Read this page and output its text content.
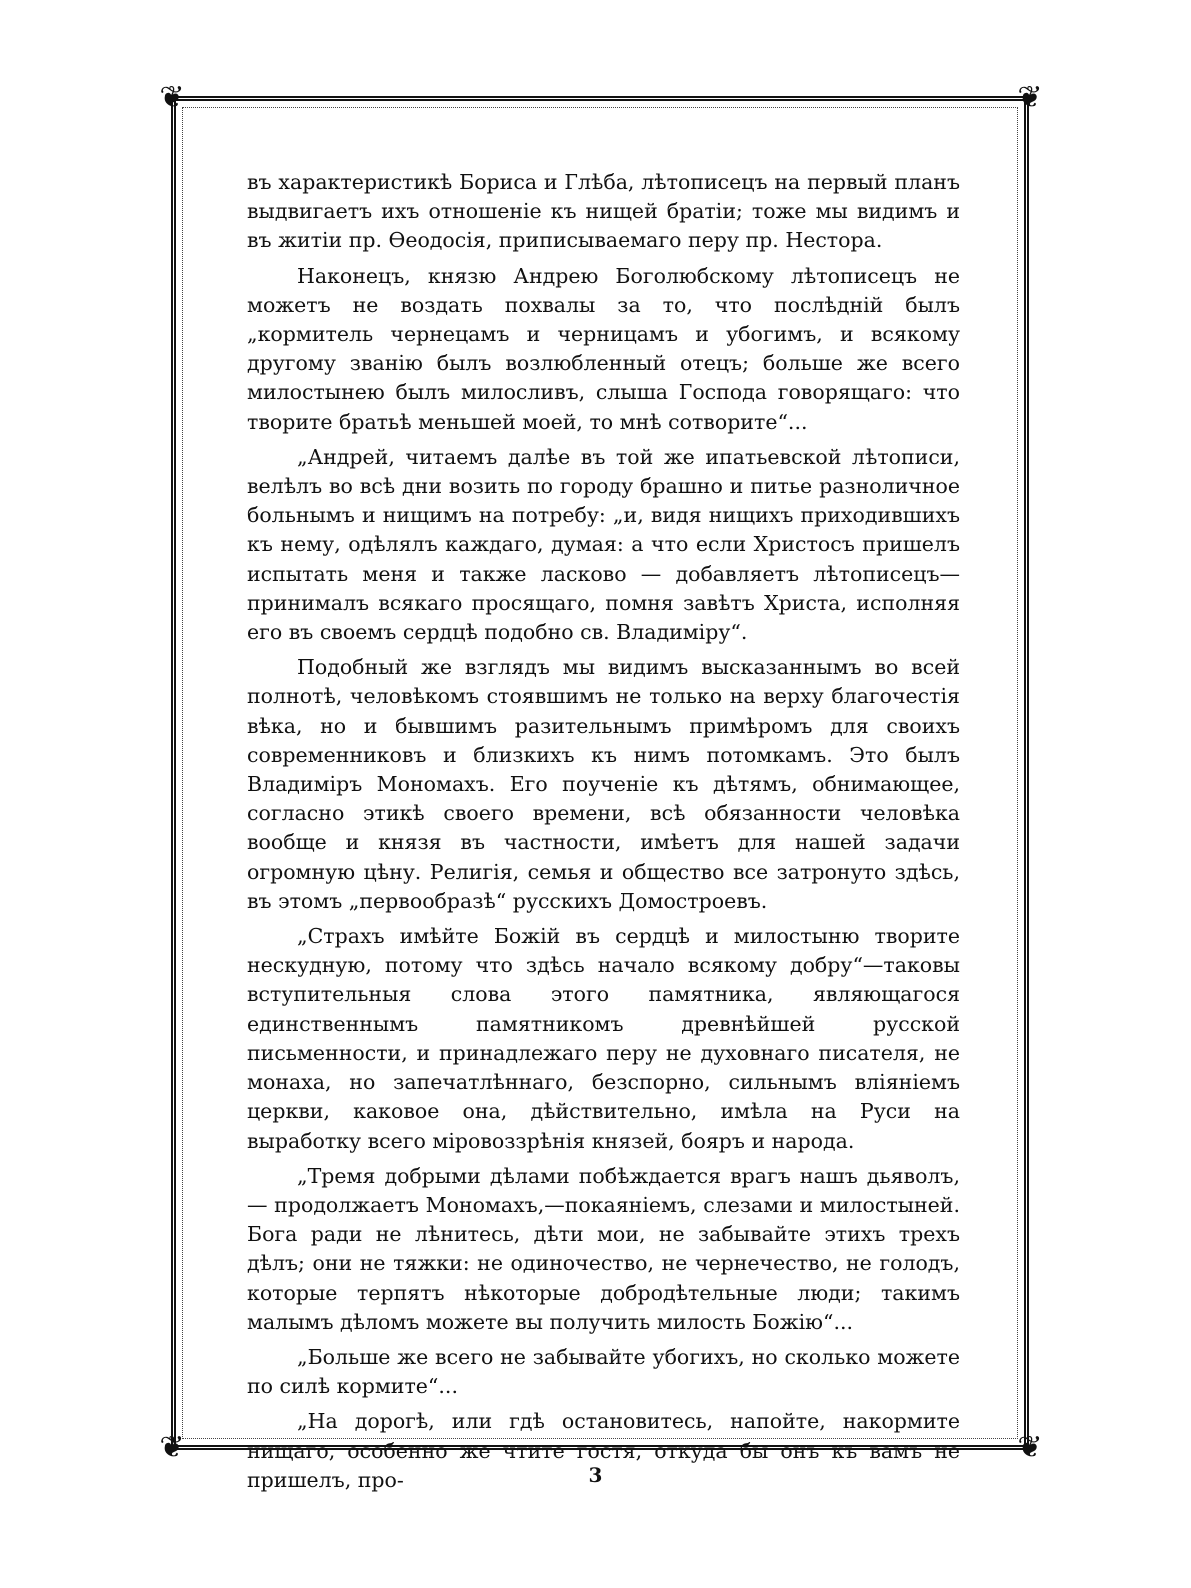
❦	❦
❦	❦

въ характеристикѣ Бориса и Глѣба, лѣтописецъ на первый планъ выдвигаетъ ихъ отношенiе къ нищей братiи; тоже мы видимъ и въ житiи пр. Ѳеодосія, приписываемаго перу пр. Нестора.

Наконецъ, князю Андрею Боголюбскому лѣтописецъ не можетъ не воздать похвалы за то, что послѣднiй былъ „кормитель чернецамъ и черницамъ и убогимъ, и всякому другому званiю былъ возлюбленный отецъ; больше же всего милостынею былъ милосливъ, слыша Господа говорящаго: что творите братьѣ меньшей моей, то мнѣ сотворите“...

„Андрей, читаемъ далѣе въ той же ипатьевской лѣтописи, велѣлъ во всѣ дни возить по городу брашно и питье разноличное больнымъ и нищимъ на потребу: „и, видя нищихъ приходившихъ къ нему, одѣлялъ каждаго, думая: а что если Христосъ пришелъ испытать меня и также ласково — добавляетъ лѣтописецъ—принималъ всякаго просящаго, помня завѣтъ Христа, исполняя его въ своемъ сердцѣ подобно св. Владимiру“.

Подобный же взглядъ мы видимъ высказаннымъ во всей полнотѣ, человѣкомъ стоявшимъ не только на верху благочестiя вѣка, но и бывшимъ разительнымъ примѣромъ для своихъ современниковъ и близкихъ къ нимъ потомкамъ. Это былъ Владимiръ Мономахъ. Его поученiе къ дѣтямъ, обнимающее, согласно этикѣ своего времени, всѣ обязанности человѣка вообще и князя въ частности, имѣетъ для нашей задачи огромную цѣну. Религiя, семья и общество все затронуто здѣсь, въ этомъ „первообразѣ“ русскихъ Домостроевъ.

„Страхъ имѣйте Божiй въ сердцѣ и милостыню творите нескудную, потому что здѣсь начало всякому добру“—таковы вступительныя слова этого памятника, являющагося единственнымъ памятникомъ древнѣйшей русской письменности, и принадлежагo перу не духовнаго писателя, не монаха, но запечатлѣннаго, безспорно, сильнымъ влiянiемъ церкви, каковое она, дѣйствительно, имѣла на Руси на выработку всего мiровоззрѣнiя князей, бояръ и народа.

„Тремя добрыми дѣлами побѣждается врагъ нашъ дьяволъ,— продолжаетъ Мономахъ,—покаянiемъ, слезами и милостыней. Бога ради не лѣнитесь, дѣти мои, не забывайте этихъ трехъ дѣлъ; они не тяжки: не одиночество, не чернечество, не голодъ, которые терпятъ нѣкоторые добродѣтельные люди; такимъ малымъ дѣломъ можете вы получить милость Божiю“...

„Больше же всего не забывайте убогихъ, но сколько можете по силѣ кормите“...

„На дорогѣ, или гдѣ остановитесь, напойте, накормите нищаго, особенно же чтите гостя, откуда бы онъ къ вамъ не пришелъ, про-	3
